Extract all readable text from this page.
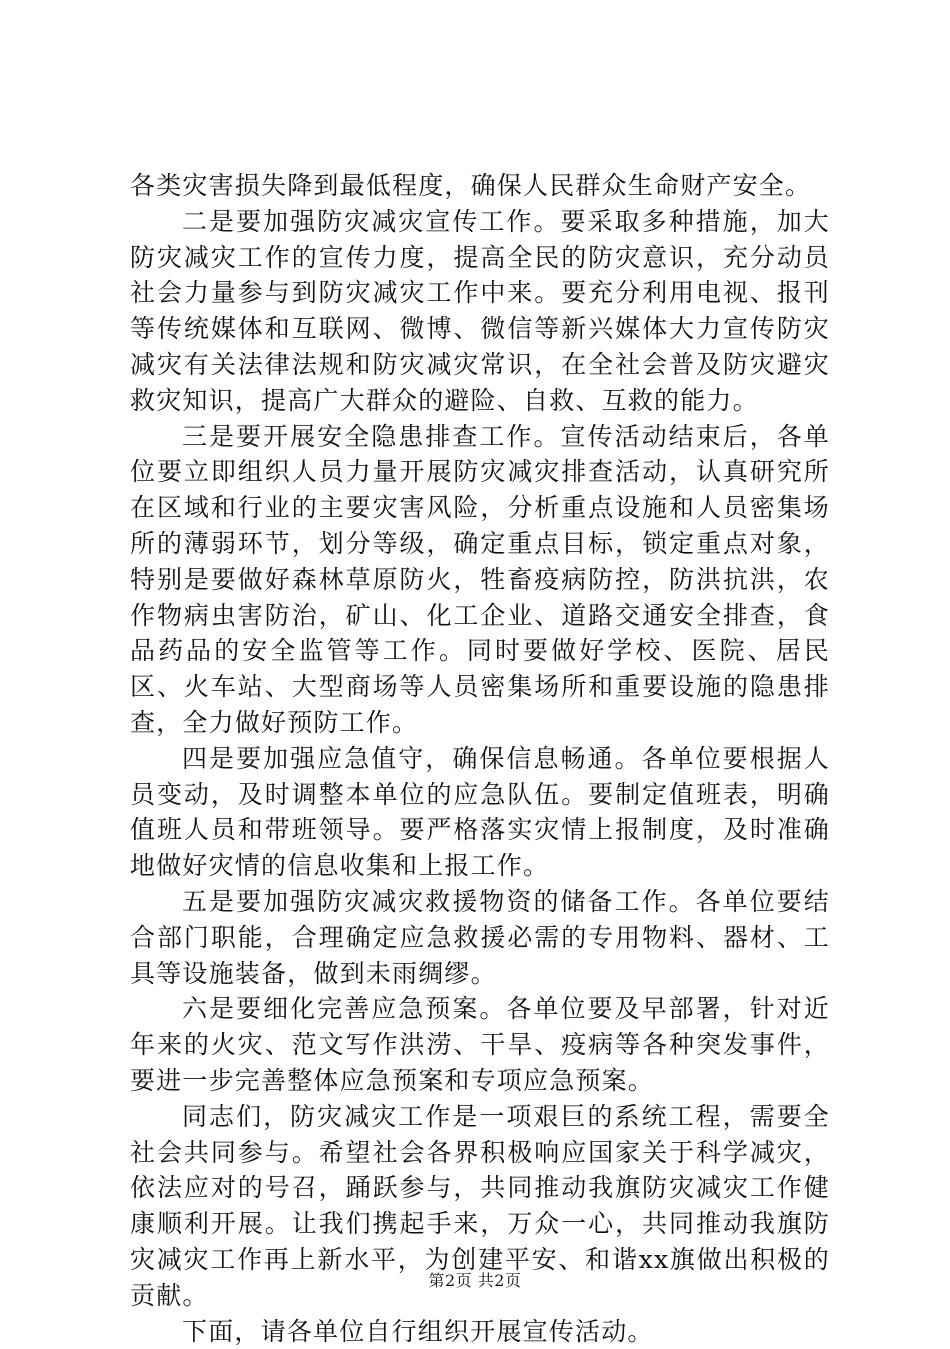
各类灾害损失降到最低程度，确保人民群众生命财产安全。

二是要加强防灾减灾宣传工作。要采取多种措施，加大防灾减灾工作的宣传力度，提高全民的防灾意识，充分动员社会力量参与到防灾减灾工作中来。要充分利用电视、报刊等传统媒体和互联网、微博、微信等新兴媒体大力宣传防灾减灾有关法律法规和防灾减灾常识，在全社会普及防灾避灾救灾知识，提高广大群众的避险、自救、互救的能力。

三是要开展安全隐患排查工作。宣传活动结束后，各单位要立即组织人员力量开展防灾减灾排查活动，认真研究所在区域和行业的主要灾害风险，分析重点设施和人员密集场所的薄弱环节，划分等级，确定重点目标，锁定重点对象，特别是要做好森林草原防火，牲畜疫病防控，防洪抗洪，农作物病虫害防治，矿山、化工企业、道路交通安全排查，食品药品的安全监管等工作。同时要做好学校、医院、居民区、火车站、大型商场等人员密集场所和重要设施的隐患排查，全力做好预防工作。

四是要加强应急值守，确保信息畅通。各单位要根据人员变动，及时调整本单位的应急队伍。要制定值班表，明确值班人员和带班领导。要严格落实灾情上报制度，及时准确地做好灾情的信息收集和上报工作。

五是要加强防灾减灾救援物资的储备工作。各单位要结合部门职能，合理确定应急救援必需的专用物料、器材、工具等设施装备，做到未雨绸缪。

六是要细化完善应急预案。各单位要及早部署，针对近年来的火灾、范文写作洪涝、干旱、疫病等各种突发事件，要进一步完善整体应急预案和专项应急预案。

同志们，防灾减灾工作是一项艰巨的系统工程，需要全社会共同参与。希望社会各界积极响应国家关于科学减灾，依法应对的号召，踊跃参与，共同推动我旗防灾减灾工作健康顺利开展。让我们携起手来，万众一心，共同推动我旗防灾减灾工作再上新水平，为创建平安、和谐xx旗做出积极的贡献。

下面，请各单位自行组织开展宣传活动。

第2页 共2页
